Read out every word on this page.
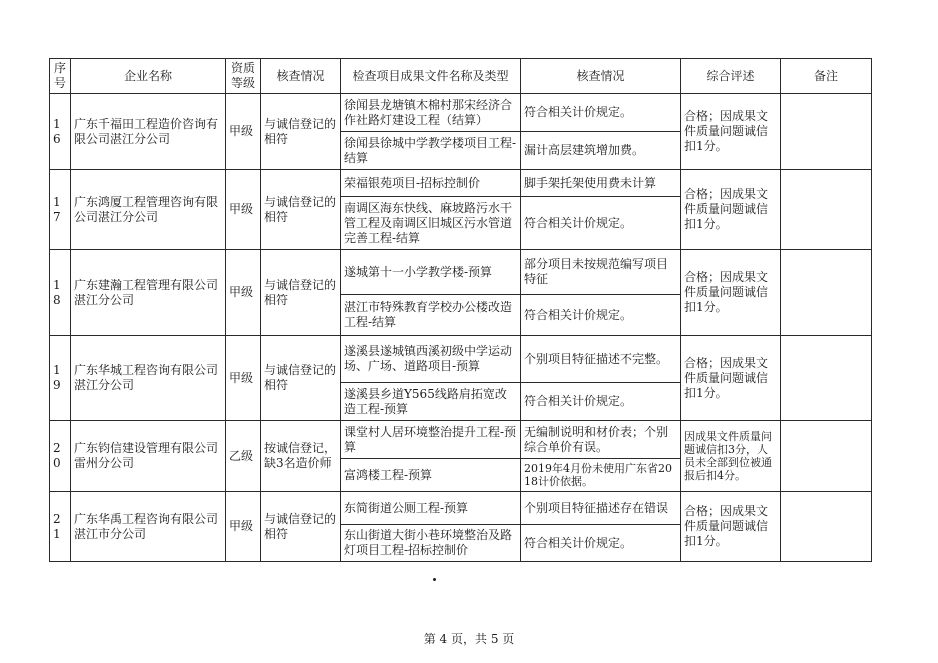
序号	企业名称	资质等级	核查情况	检查项目成果文件名称及类型	核查情况	综合评述	备注
16	广东千福田工程造价咨询有限公司湛江分公司	甲级	与诚信登记的相符	徐闻县龙塘镇木棉村那宋经济合作社路灯建设工程（结算）	符合相关计价规定。	合格；因成果文件质量问题诚信扣1分。	
				徐闻县徐城中学教学楼项目工程-结算	漏计高层建筑增加费。		
17	广东鸿厦工程管理咨询有限公司湛江分公司	甲级	与诚信登记的相符	荣福银苑项目-招标控制价	脚手架托架使用费未计算	合格；因成果文件质量问题诚信扣1分。	
				南调区海东快线、麻坡路污水干管工程及南调区旧城区污水管道完善工程-结算	符合相关计价规定。		
18	广东建瀚工程管理有限公司湛江分公司	甲级	与诚信登记的相符	遂城第十一小学教学楼-预算	部分项目未按规范编写项目特征	合格；因成果文件质量问题诚信扣1分。	
				湛江市特殊教育学校办公楼改造工程-结算	符合相关计价规定。		
19	广东华城工程咨询有限公司湛江分公司	甲级	与诚信登记的相符	遂溪县遂城镇西溪初级中学运动场、广场、道路项目-预算	个别项目特征描述不完整。	合格；因成果文件质量问题诚信扣1分。	
				遂溪县乡道Y565线路肩拓宽改造工程-预算	符合相关计价规定。		
20	广东钧信建设管理有限公司雷州分公司	乙级	按诚信登记，缺3名造价师	课堂村人居环境整治提升工程-预算	无编制说明和材价表；个别综合单价有误。	因成果文件质量问题诚信扣3分，人员未全部到位被通报后扣4分。	
				富鸿楼工程-预算	2019年4月份未使用广东省2018计价依据。		
21	广东华禹工程咨询有限公司湛江市分公司	甲级	与诚信登记的相符	东简街道公厕工程-预算	个别项目特征描述存在错误	合格；因成果文件质量问题诚信扣1分。	
				东山街道大街小巷环境整治及路灯项目工程-招标控制价	符合相关计价规定。		
第 4 页，共 5 页
